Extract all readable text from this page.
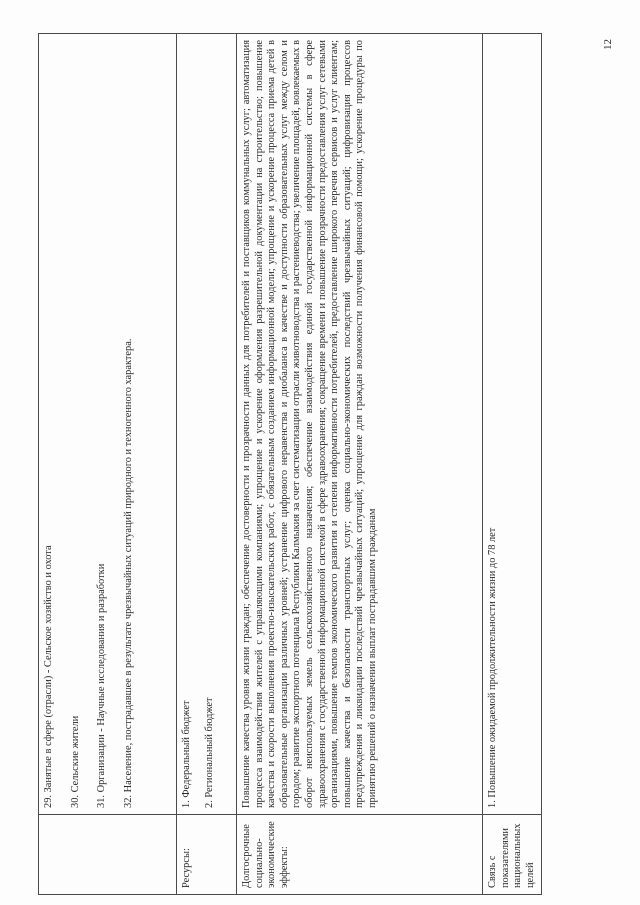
12

	29. Занятые в сфере (отрасли) - Сельское хозяйство и охота 30. Сельские жители 31. Организации - Научные исследования и разработки 32. Население, пострадавшее в результате чрезвычайных ситуаций природного и техногенного характера.

Ресурсы:	1. Федеральный бюджет 2. Региональный бюджет

Долгосрочные социально-экономические эффекты:	Повышение качества уровня жизни граждан; обеспечение достоверности и прозрачности данных для потребителей и поставщиков коммунальных услуг; автоматизация процесса взаимодействия жителей с управляющими компаниями; упрощение и ускорение оформления разрешительной документации на строительство; повышение качества и скорости выполнения проектно-изыскательских работ, с обязательным созданием информационной модели; упрощение и ускорение процесса приема детей в образовательные организации различных уровней; устранение цифрового неравенства и диобаланса в качестве и доступности образовательных услуг между селом и городом; развитие экспортного потенциала Республики Калмыкия за счет систематизации отрасли животноводства и растениеводства; увеличение площадей, вовлекаемых в оборот неиспользуемых земель сельскохозяйственного назначения; обеспечение взаимодействия единой государственной информационной системы в сфере здравоохранения с государственной информационной системой в сфере здравоохранения; сокращение времени и повышение прозрачности предоставления услуг сетевыми организациями, повышение темпов экономического развития и степени информативности потребителей, предоставление широкого перечня сервисов и услуг клиентам; повышение качества и безопасности транспортных услуг; оценка социально-экономических последствий чрезвычайных ситуаций; цифровизация процессов предупреждения и ликвидации последствий чрезвычайных ситуаций; упрощение для граждан возможности получения финансовой помощи; ускорение процедуры по принятию решений о назначении выплат пострадавшим гражданам
Связь с показателями национальных целей	1. Повышение ожидаемой продолжительности жизни до 78 лет
